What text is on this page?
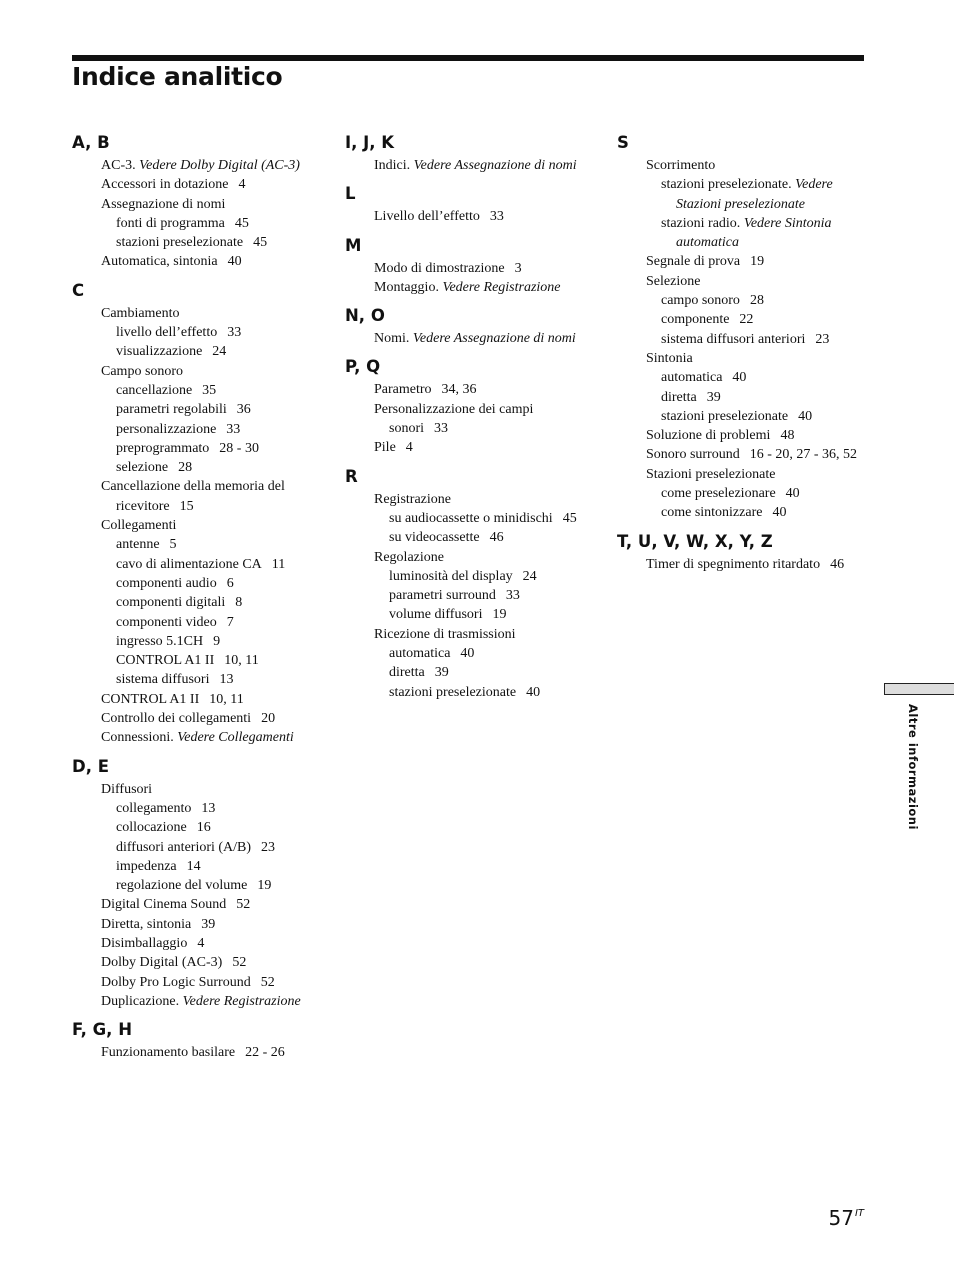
Indice analitico
A, B
AC-3. Vedere Dolby Digital (AC-3)
Accessori in dotazione 4
Assegnazione di nomi
fonti di programma 45
stazioni preselezionate 45
Automatica, sintonia 40
C
Cambiamento
livello dell’effetto 33
visualizzazione 24
Campo sonoro
cancellazione 35
parametri regolabili 36
personalizzazione 33
preprogrammato 28 - 30
selezione 28
Cancellazione della memoria del ricevitore 15
Collegamenti
antenne 5
cavo di alimentazione CA 11
componenti audio 6
componenti digitali 8
componenti video 7
ingresso 5.1CH 9
CONTROL A1 II 10, 11
sistema diffusori 13
CONTROL A1 II 10, 11
Controllo dei collegamenti 20
Connessioni. Vedere Collegamenti
D, E
Diffusori
collegamento 13
collocazione 16
diffusori anteriori (A/B) 23
impedenza 14
regolazione del volume 19
Digital Cinema Sound 52
Diretta, sintonia 39
Disimballaggio 4
Dolby Digital (AC-3) 52
Dolby Pro Logic Surround 52
Duplicazione. Vedere Registrazione
F, G, H
Funzionamento basilare 22 - 26
I, J, K
Indici. Vedere Assegnazione di nomi
L
Livello dell’effetto 33
M
Modo di dimostrazione 3
Montaggio. Vedere Registrazione
N, O
Nomi. Vedere Assegnazione di nomi
P, Q
Parametro 34, 36
Personalizzazione dei campi sonori 33
Pile 4
R
Registrazione
su audiocassette o minidischi 45
su videocassette 46
Regolazione
luminosità del display 24
parametri surround 33
volume diffusori 19
Ricezione di trasmissioni
automatica 40
diretta 39
stazioni preselezionate 40
S
Scorrimento
stazioni preselezionate. Vedere Stazioni preselezionate
stazioni radio. Vedere Sintonia automatica
Segnale di prova 19
Selezione
campo sonoro 28
componente 22
sistema diffusori anteriori 23
Sintonia
automatica 40
diretta 39
stazioni preselezionate 40
Soluzione di problemi 48
Sonoro surround 16 - 20, 27 - 36, 52
Stazioni preselezionate
come preselezionare 40
come sintonizzare 40
T, U, V, W, X, Y, Z
Timer di spegnimento ritardato 46
Altre informazioni
$57^{IT}$
